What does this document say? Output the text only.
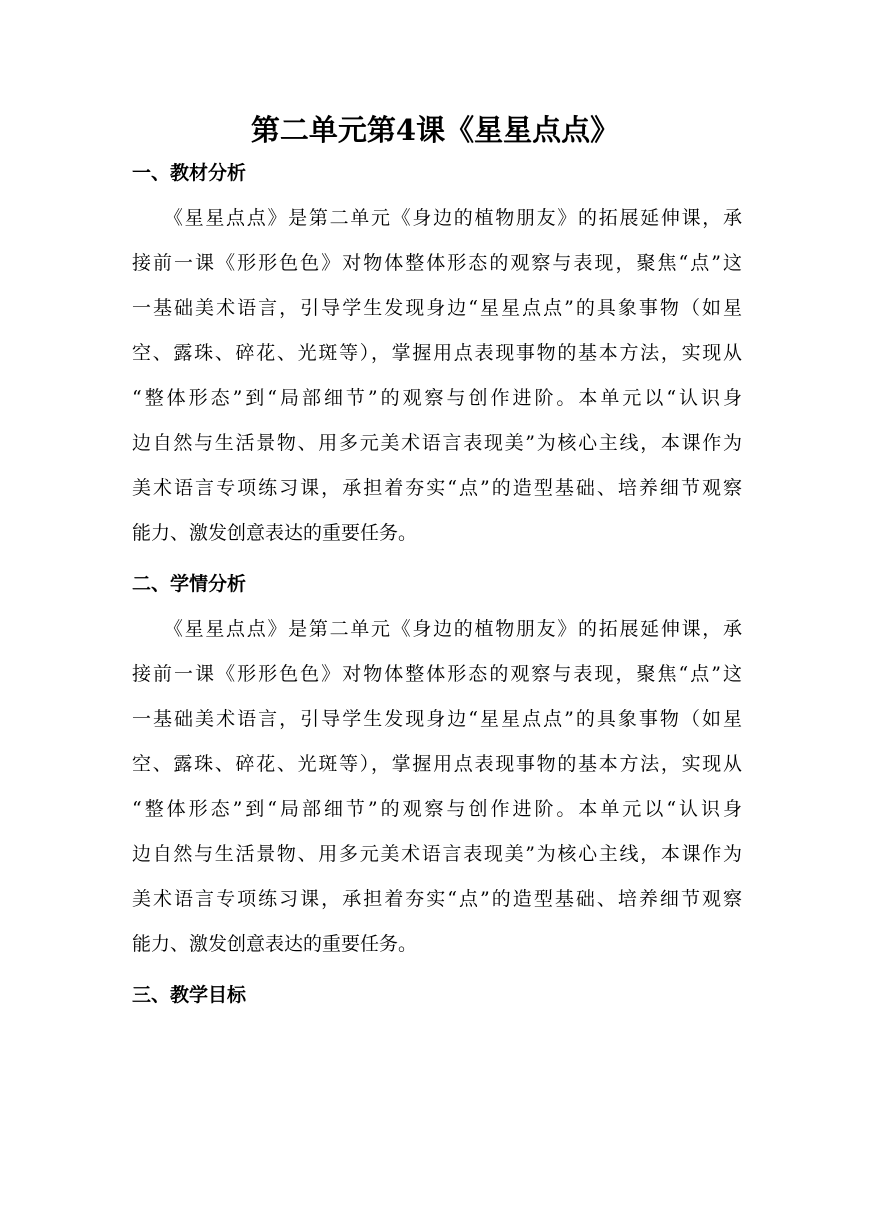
第二单元第4课《星星点点》
一、教材分析
　　《星星点点》是第二单元《身边的植物朋友》的拓展延伸课，承
接前一课《形形色色》对物体整体形态的观察与表现，聚焦“点”这
一基础美术语言，引导学生发现身边“星星点点”的具象事物（如星
空、露珠、碎花、光斑等），掌握用点表现事物的基本方法，实现从
“整体形态”到“局部细节”的观察与创作进阶。本单元以“认识身
边自然与生活景物、用多元美术语言表现美”为核心主线，本课作为
美术语言专项练习课，承担着夯实“点”的造型基础、培养细节观察
能力、激发创意表达的重要任务。
二、学情分析
　　《星星点点》是第二单元《身边的植物朋友》的拓展延伸课，承
接前一课《形形色色》对物体整体形态的观察与表现，聚焦“点”这
一基础美术语言，引导学生发现身边“星星点点”的具象事物（如星
空、露珠、碎花、光斑等），掌握用点表现事物的基本方法，实现从
“整体形态”到“局部细节”的观察与创作进阶。本单元以“认识身
边自然与生活景物、用多元美术语言表现美”为核心主线，本课作为
美术语言专项练习课，承担着夯实“点”的造型基础、培养细节观察
能力、激发创意表达的重要任务。
三、教学目标
